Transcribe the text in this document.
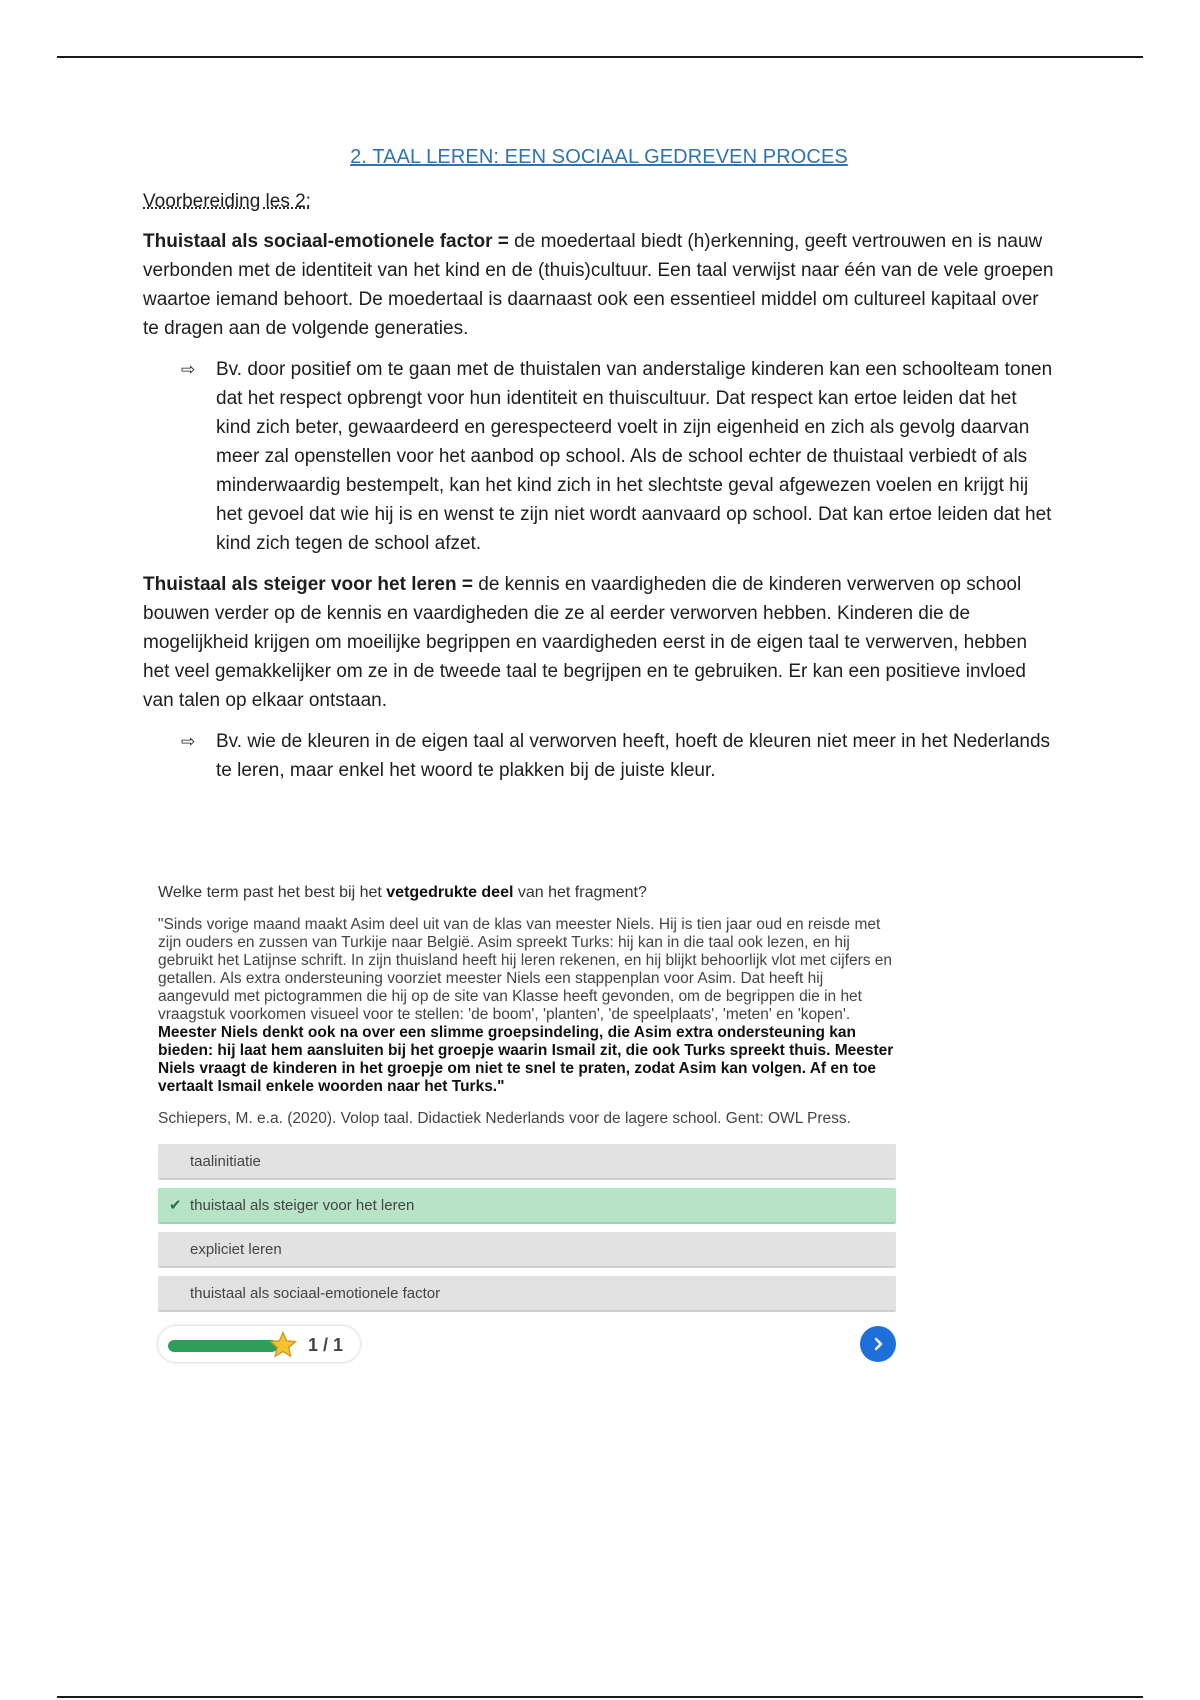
2. TAAL LEREN: EEN SOCIAAL GEDREVEN PROCES
Voorbereiding les 2:

Thuistaal als sociaal-emotionele factor = de moedertaal biedt (h)erkenning, geeft vertrouwen en is nauw verbonden met de identiteit van het kind en de (thuis)cultuur. Een taal verwijst naar één van de vele groepen waartoe iemand behoort. De moedertaal is daarnaast ook een essentieel middel om cultureel kapitaal over te dragen aan de volgende generaties.

⇨ Bv. door positief om te gaan met de thuistalen van anderstalige kinderen kan een schoolteam tonen dat het respect opbrengt voor hun identiteit en thuiscultuur. Dat respect kan ertoe leiden dat het kind zich beter, gewaardeerd en gerespecteerd voelt in zijn eigenheid en zich als gevolg daarvan meer zal openstellen voor het aanbod op school. Als de school echter de thuistaal verbiedt of als minderwaardig bestempelt, kan het kind zich in het slechtste geval afgewezen voelen en krijgt hij het gevoel dat wie hij is en wenst te zijn niet wordt aanvaard op school. Dat kan ertoe leiden dat het kind zich tegen de school afzet.

Thuistaal als steiger voor het leren = de kennis en vaardigheden die de kinderen verwerven op school bouwen verder op de kennis en vaardigheden die ze al eerder verworven hebben. Kinderen die de mogelijkheid krijgen om moeilijke begrippen en vaardigheden eerst in de eigen taal te verwerven, hebben het veel gemakkelijker om ze in de tweede taal te begrijpen en te gebruiken. Er kan een positieve invloed van talen op elkaar ontstaan.

⇨ Bv. wie de kleuren in de eigen taal al verworven heeft, hoeft de kleuren niet meer in het Nederlands te leren, maar enkel het woord te plakken bij de juiste kleur.
Welke term past het best bij het vetgedrukte deel van het fragment?
"Sinds vorige maand maakt Asim deel uit van de klas van meester Niels. Hij is tien jaar oud en reisde met zijn ouders en zussen van Turkije naar België. Asim spreekt Turks: hij kan in die taal ook lezen, en hij gebruikt het Latijnse schrift. In zijn thuisland heeft hij leren rekenen, en hij blijkt behoorlijk vlot met cijfers en getallen. Als extra ondersteuning voorziet meester Niels een stappenplan voor Asim. Dat heeft hij aangevuld met pictogrammen die hij op de site van Klasse heeft gevonden, om de begrippen die in het vraagstuk voorkomen visueel voor te stellen: 'de boom', 'planten', 'de speelplaats', 'meten' en 'kopen'. Meester Niels denkt ook na over een slimme groepsindeling, die Asim extra ondersteuning kan bieden: hij laat hem aansluiten bij het groepje waarin Ismail zit, die ook Turks spreekt thuis. Meester Niels vraagt de kinderen in het groepje om niet te snel te praten, zodat Asim kan volgen. Af en toe vertaalt Ismail enkele woorden naar het Turks."
Schiepers, M. e.a. (2020). Volop taal. Didactiek Nederlands voor de lagere school. Gent: OWL Press.
taalinitiatie
✔ thuistaal als steiger voor het leren
expliciet leren
thuistaal als sociaal-emotionele factor
1 / 1
